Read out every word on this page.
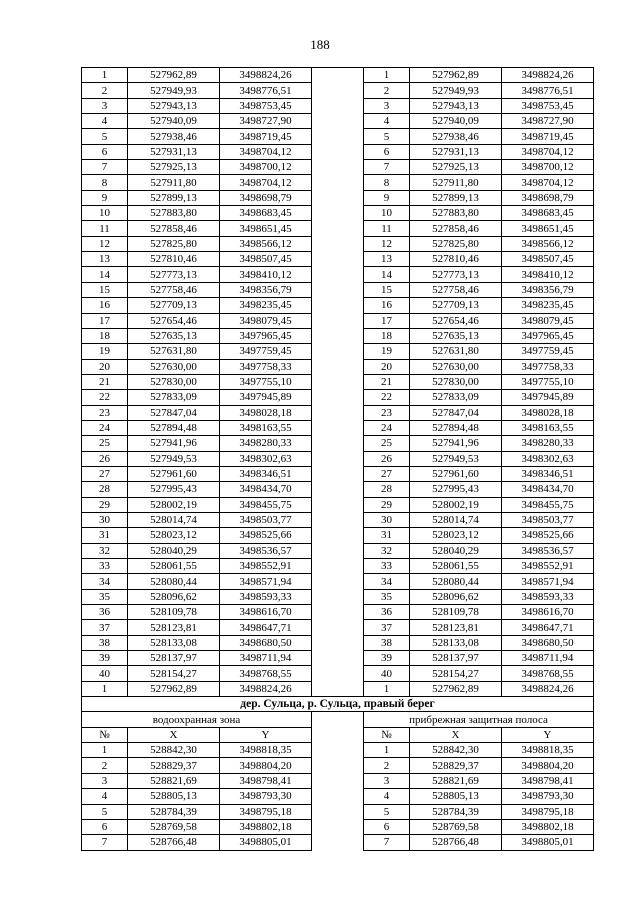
188
1	527962,89	3498824,26		1	527962,89	3498824,26
2	527949,93	3498776,51		2	527949,93	3498776,51
3	527943,13	3498753,45		3	527943,13	3498753,45
4	527940,09	3498727,90		4	527940,09	3498727,90
5	527938,46	3498719,45		5	527938,46	3498719,45
6	527931,13	3498704,12		6	527931,13	3498704,12
7	527925,13	3498700,12		7	527925,13	3498700,12
8	527911,80	3498704,12		8	527911,80	3498704,12
9	527899,13	3498698,79		9	527899,13	3498698,79
10	527883,80	3498683,45		10	527883,80	3498683,45
11	527858,46	3498651,45		11	527858,46	3498651,45
12	527825,80	3498566,12		12	527825,80	3498566,12
13	527810,46	3498507,45		13	527810,46	3498507,45
14	527773,13	3498410,12		14	527773,13	3498410,12
15	527758,46	3498356,79		15	527758,46	3498356,79
16	527709,13	3498235,45		16	527709,13	3498235,45
17	527654,46	3498079,45		17	527654,46	3498079,45
18	527635,13	3497965,45		18	527635,13	3497965,45
19	527631,80	3497759,45		19	527631,80	3497759,45
20	527630,00	3497758,33		20	527630,00	3497758,33
21	527830,00	3497755,10		21	527830,00	3497755,10
22	527833,09	3497945,89		22	527833,09	3497945,89
23	527847,04	3498028,18		23	527847,04	3498028,18
24	527894,48	3498163,55		24	527894,48	3498163,55
25	527941,96	3498280,33		25	527941,96	3498280,33
26	527949,53	3498302,63		26	527949,53	3498302,63
27	527961,60	3498346,51		27	527961,60	3498346,51
28	527995,43	3498434,70		28	527995,43	3498434,70
29	528002,19	3498455,75		29	528002,19	3498455,75
30	528014,74	3498503,77		30	528014,74	3498503,77
31	528023,12	3498525,66		31	528023,12	3498525,66
32	528040,29	3498536,57		32	528040,29	3498536,57
33	528061,55	3498552,91		33	528061,55	3498552,91
34	528080,44	3498571,94		34	528080,44	3498571,94
35	528096,62	3498593,33		35	528096,62	3498593,33
36	528109,78	3498616,70		36	528109,78	3498616,70
37	528123,81	3498647,71		37	528123,81	3498647,71
38	528133,08	3498680,50		38	528133,08	3498680,50
39	528137,97	3498711,94		39	528137,97	3498711,94
40	528154,27	3498768,55		40	528154,27	3498768,55
1	527962,89	3498824,26		1	527962,89	3498824,26
дер. Сульца, р. Сульца, правый берег						
водоохранная зона				прибрежная защитная полоса		
№	X	Y		№	X	Y
1	528842,30	3498818,35		1	528842,30	3498818,35
2	528829,37	3498804,20		2	528829,37	3498804,20
3	528821,69	3498798,41		3	528821,69	3498798,41
4	528805,13	3498793,30		4	528805,13	3498793,30
5	528784,39	3498795,18		5	528784,39	3498795,18
6	528769,58	3498802,18		6	528769,58	3498802,18
7	528766,48	3498805,01		7	528766,48	3498805,01
